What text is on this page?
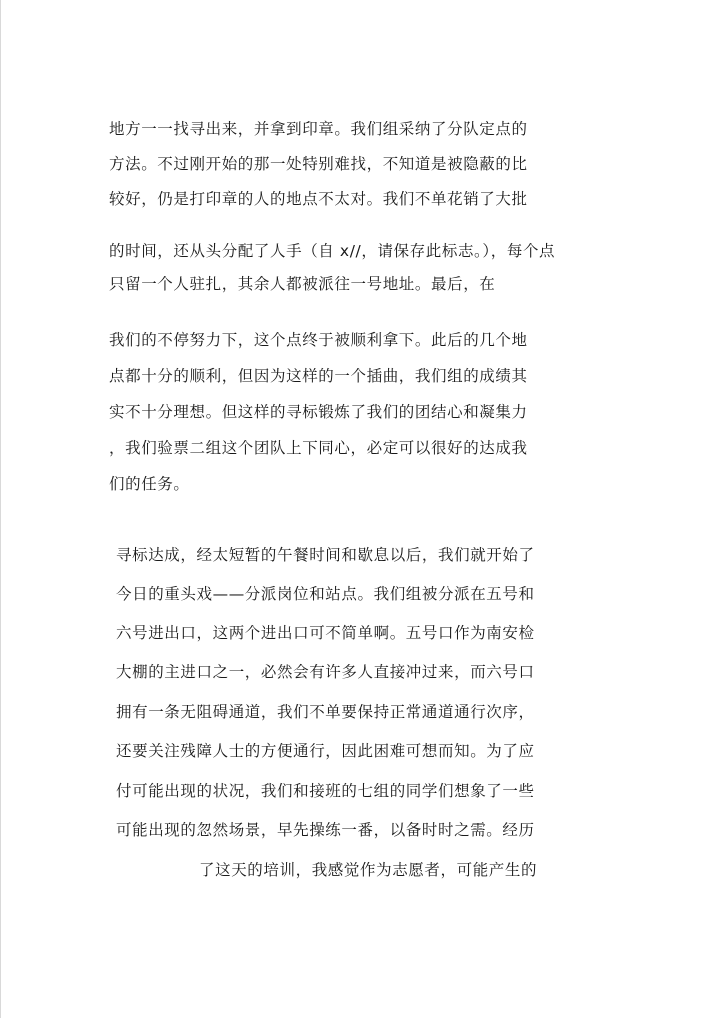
地方一一找寻出来，并拿到印章。我们组采纳了分队定点的
方法。不过刚开始的那一处特别难找，不知道是被隐蔽的比
较好，仍是打印章的人的地点不太对。我们不单花销了大批
的时间，还从头分配了人手（自 x//，请保存此标志。），每个点
只留一个人驻扎，其余人都被派往一号地址。最后，在
我们的不停努力下，这个点终于被顺利拿下。此后的几个地
点都十分的顺利，但因为这样的一个插曲，我们组的成绩其
实不十分理想。但这样的寻标锻炼了我们的团结心和凝集力
，我们验票二组这个团队上下同心，必定可以很好的达成我
们的任务。
寻标达成，经太短暂的午餐时间和歇息以后，我们就开始了
今日的重头戏——分派岗位和站点。我们组被分派在五号和
六号进出口，这两个进出口可不简单啊。五号口作为南安检
大棚的主进口之一，必然会有许多人直接冲过来，而六号口
拥有一条无阻碍通道，我们不单要保持正常通道通行次序，
还要关注残障人士的方便通行，因此困难可想而知。为了应
付可能出现的状况，我们和接班的七组的同学们想象了一些
可能出现的忽然场景，早先操练一番，以备时时之需。经历
了这天的培训，我感觉作为志愿者，可能产生的
